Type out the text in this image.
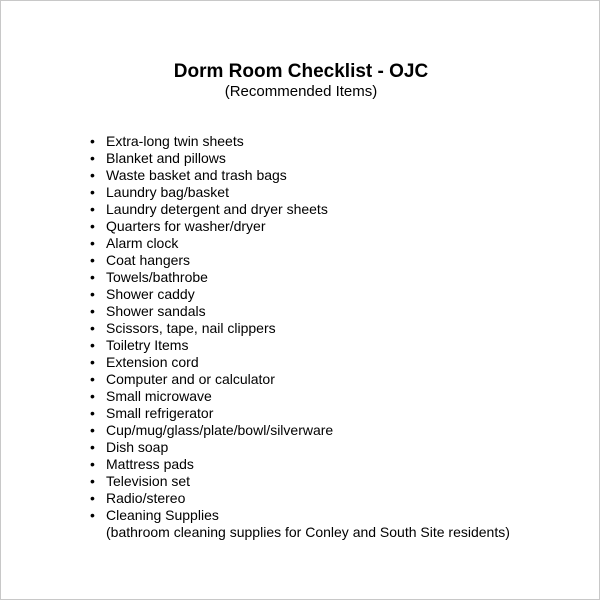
Dorm Room Checklist - OJC
(Recommended Items)
• Extra-long twin sheets
• Blanket and pillows
• Waste basket and trash bags
• Laundry bag/basket
• Laundry detergent and dryer sheets
• Quarters for washer/dryer
• Alarm clock
• Coat hangers
• Towels/bathrobe
• Shower caddy
• Shower sandals
• Scissors, tape, nail clippers
• Toiletry Items
• Extension cord
• Computer and or calculator
• Small microwave
• Small refrigerator
• Cup/mug/glass/plate/bowl/silverware
• Dish soap
• Mattress pads
• Television set
• Radio/stereo
• Cleaning Supplies
(bathroom cleaning supplies for Conley and South Site residents)
